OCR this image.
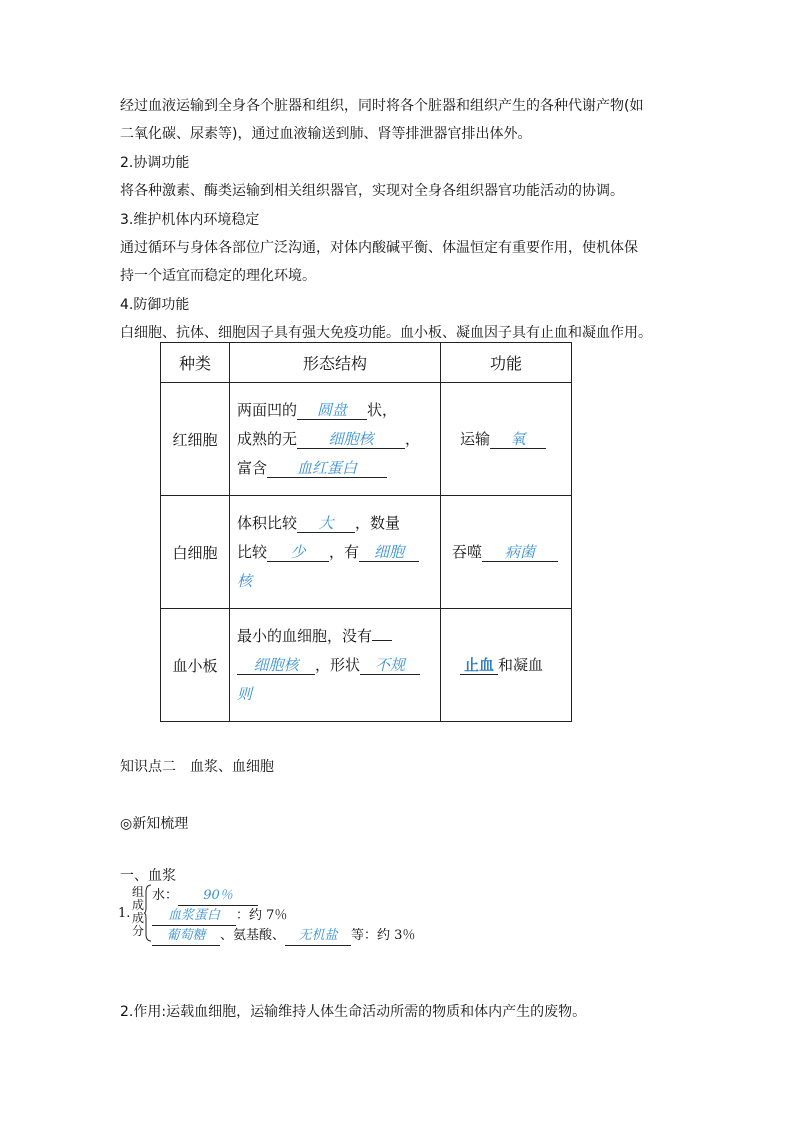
经过血液运输到全身各个脏器和组织，同时将各个脏器和组织产生的各种代谢产物(如
二氧化碳、尿素等)，通过血液输送到肺、肾等排泄器官排出体外。
2.协调功能
将各种激素、酶类运输到相关组织器官，实现对全身各组织器官功能活动的协调。
3.维护机体内环境稳定
通过循环与身体各部位广泛沟通，对体内酸碱平衡、体温恒定有重要作用，使机体保
持一个适宜而稳定的理化环境。
4.防御功能
白细胞、抗体、细胞因子具有强大免疫功能。血小板、凝血因子具有止血和凝血作用。
种类	形态结构	功能
红细胞	两面凹的 圆盘 状，
成熟的无 细胞核 ，
富含 血红蛋白	运输 氧

白细胞	体积比较 大 ，数量
比较 少 ，有 细胞
核	吞噬 病菌

血小板	最小的血细胞，没有
细胞核 ，形状 不规
则	止血 和凝血
知识点二　血浆、血细胞
◎新知梳理
一、血浆
1.
组成成分
水： 90％
血浆蛋白 ：约 7％
葡萄糖 、氨基酸、 无机盐 等：约 3％
2.作用:运载血细胞，运输维持人体生命活动所需的物质和体内产生的废物。
